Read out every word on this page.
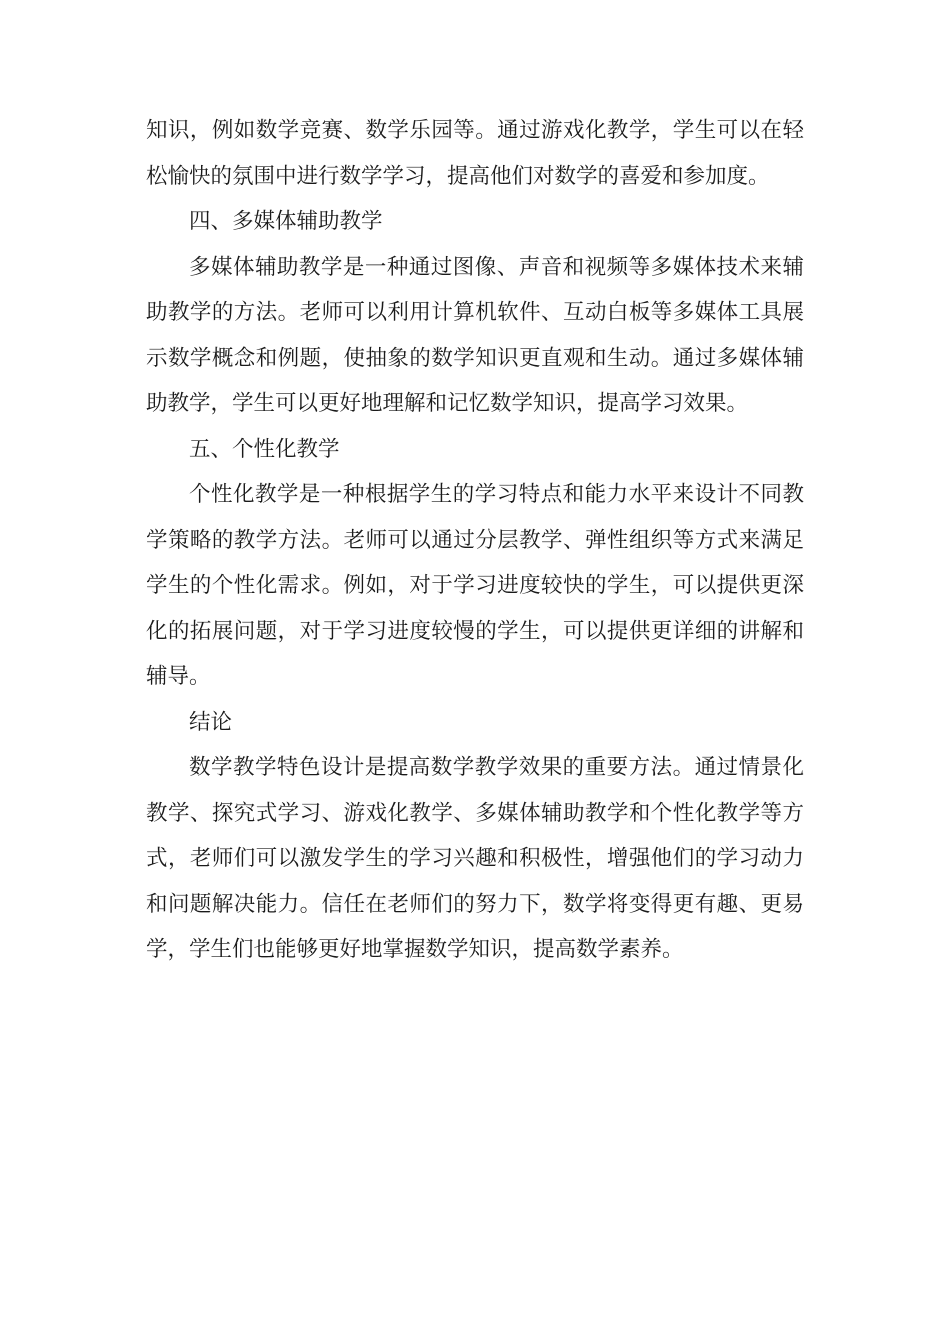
知识，例如数学竞赛、数学乐园等。通过游戏化教学，学生可以在轻松愉快的氛围中进行数学学习，提高他们对数学的喜爱和参加度。

四、多媒体辅助教学

多媒体辅助教学是一种通过图像、声音和视频等多媒体技术来辅助教学的方法。老师可以利用计算机软件、互动白板等多媒体工具展示数学概念和例题，使抽象的数学知识更直观和生动。通过多媒体辅助教学，学生可以更好地理解和记忆数学知识，提高学习效果。

五、个性化教学

个性化教学是一种根据学生的学习特点和能力水平来设计不同教学策略的教学方法。老师可以通过分层教学、弹性组织等方式来满足学生的个性化需求。例如，对于学习进度较快的学生，可以提供更深化的拓展问题，对于学习进度较慢的学生，可以提供更详细的讲解和辅导。

结论

数学教学特色设计是提高数学教学效果的重要方法。通过情景化教学、探究式学习、游戏化教学、多媒体辅助教学和个性化教学等方式，老师们可以激发学生的学习兴趣和积极性，增强他们的学习动力和问题解决能力。信任在老师们的努力下，数学将变得更有趣、更易学，学生们也能够更好地掌握数学知识，提高数学素养。
